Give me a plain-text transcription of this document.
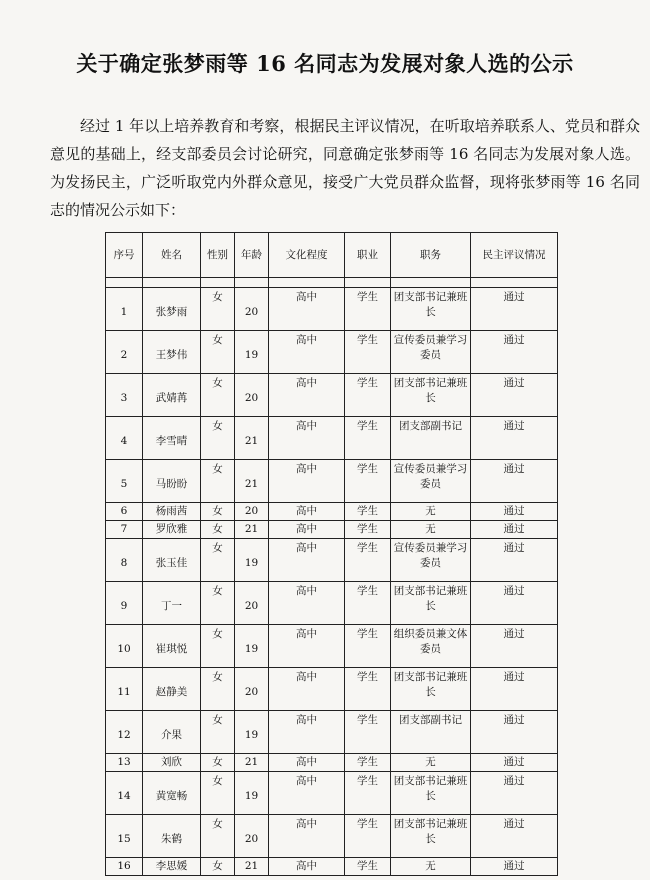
关于确定张梦雨等 16 名同志为发展对象人选的公示

经过 1 年以上培养教育和考察，根据民主评议情况，在听取培养联系人、党员和群众意见的基础上，经支部委员会讨论研究，同意确定张梦雨等 16 名同志为发展对象人选。为发扬民主，广泛听取党内外群众意见，接受广大党员群众监督，现将张梦雨等 16 名同志的情况公示如下：

序号	姓名	性别	年龄	文化程度	职业	职务	民主评议情况

1	张梦雨	女	20	高中	学生	团支部书记兼班长	通过
2	王梦伟	女	19	高中	学生	宣传委员兼学习委员	通过
3	武婧苒	女	20	高中	学生	团支部书记兼班长	通过
4	李雪晴	女	21	高中	学生	团支部副书记	通过
5	马盼盼	女	21	高中	学生	宣传委员兼学习委员	通过
6	杨雨茜	女	20	高中	学生	无	通过
7	罗欣雅	女	21	高中	学生	无	通过
8	张玉佳	女	19	高中	学生	宣传委员兼学习委员	通过
9	丁一	女	20	高中	学生	团支部书记兼班长	通过
10	崔琪悦	女	19	高中	学生	组织委员兼文体委员	通过
11	赵静美	女	20	高中	学生	团支部书记兼班长	通过
12	介果	女	19	高中	学生	团支部副书记	通过
13	刘欣	女	21	高中	学生	无	通过
14	黄宽畅	女	19	高中	学生	团支部书记兼班长	通过
15	朱鹤	女	20	高中	学生	团支部书记兼班长	通过
16	李思媛	女	21	高中	学生	无	通过
